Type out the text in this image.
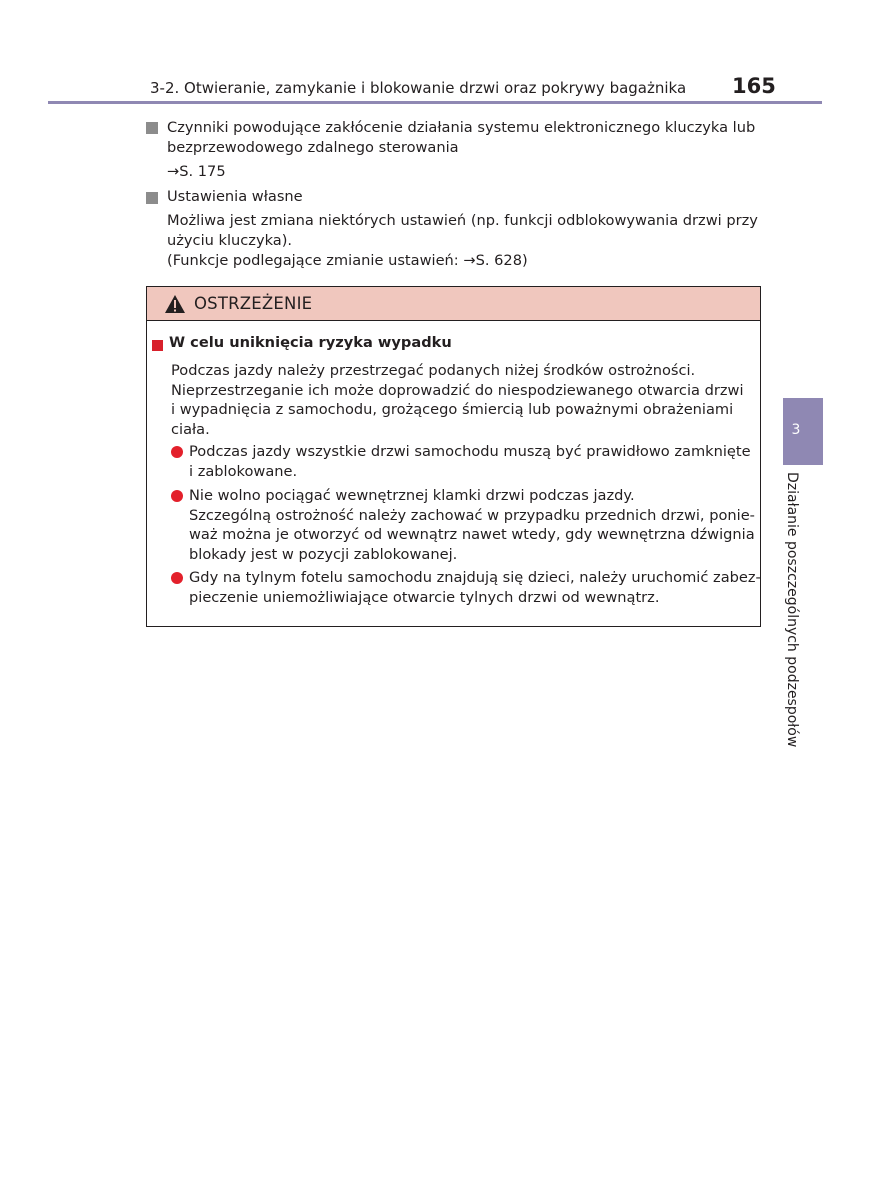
3-2. Otwieranie, zamykanie i blokowanie drzwi oraz pokrywy bagażnika	165
Czynniki powodujące zakłócenie działania systemu elektronicznego kluczyka lub
bezprzewodowego zdalnego sterowania
→S. 175
Ustawienia własne
Możliwa jest zmiana niektórych ustawień (np. funkcji odblokowywania drzwi przy
użyciu kluczyka).
(Funkcje podlegające zmianie ustawień: →S. 628)
OSTRZEŻENIE
W celu uniknięcia ryzyka wypadku
Podczas jazdy należy przestrzegać podanych niżej środków ostrożności.
Nieprzestrzeganie ich może doprowadzić do niespodziewanego otwarcia drzwi
i wypadnięcia z samochodu, grożącego śmiercią lub poważnymi obrażeniami
ciała.
Podczas jazdy wszystkie drzwi samochodu muszą być prawidłowo zamknięte
i zablokowane.
Nie wolno pociągać wewnętrznej klamki drzwi podczas jazdy.
Szczególną ostrożność należy zachować w przypadku przednich drzwi, ponie-
waż można je otworzyć od wewnątrz nawet wtedy, gdy wewnętrzna dźwignia
blokady jest w pozycji zablokowanej.
Gdy na tylnym fotelu samochodu znajdują się dzieci, należy uruchomić zabez-
pieczenie uniemożliwiające otwarcie tylnych drzwi od wewnątrz.
3
Działanie poszczególnych podzespołów
